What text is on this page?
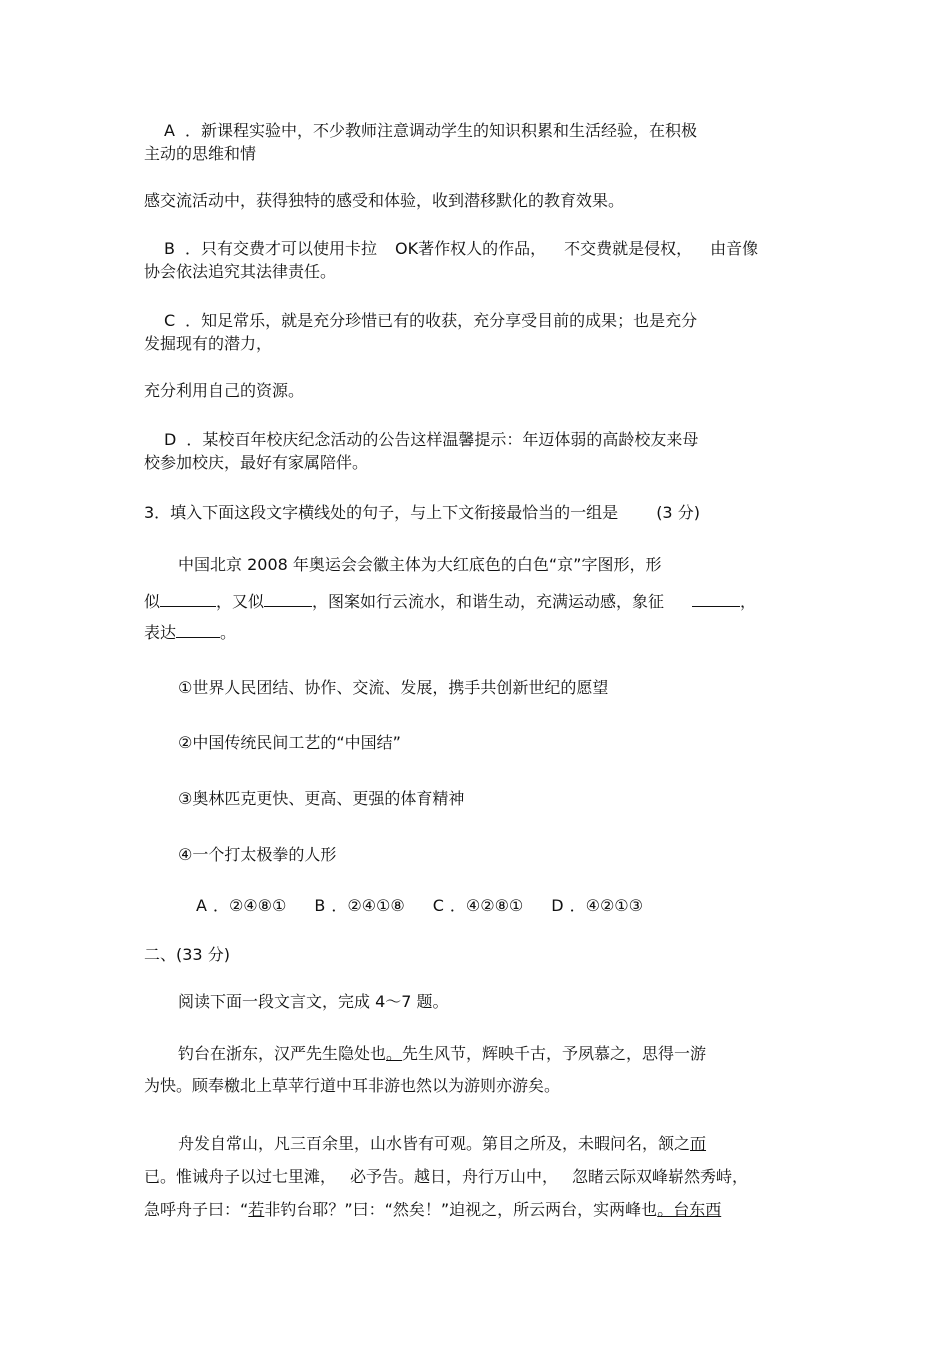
A ．新课程实验中，不少教师注意调动学生的知识积累和生活经验，在积极
主动的思维和情
感交流活动中，获得独特的感受和体验，收到潜移默化的教育效果。
B ．只有交费才可以使用卡拉 OK著作权人的作品， 不交费就是侵权， 由音像
协会依法追究其法律责任。
C ．知足常乐，就是充分珍惜已有的收获，充分享受目前的成果；也是充分
发掘现有的潜力，
充分利用自己的资源。
D ．某校百年校庆纪念活动的公告这样温馨提示：年迈体弱的高龄校友来母
校参加校庆，最好有家属陪伴。
3．填入下面这段文字横线处的句子，与上下文衔接最恰当的一组是 (3 分)
中国北京 2008 年奥运会会徽主体为大红底色的白色“京”字图形，形
似	，又似	，图案如行云流水，和谐生动，充满运动感，象征	，
表达	。
①世界人民团结、协作、交流、发展，携手共创新世纪的愿望
②中国传统民间工艺的“中国结”
③奥林匹克更快、更高、更强的体育精神
④一个打太极拳的人形
A ．②④⑧① B ．②④①⑧ C ．④②⑧① D ．④②①③
二、(33 分)
阅读下面一段文言文，完成 4～7 题。
钓台在浙东，汉严先生隐处也。先生风节，辉映千古，予夙慕之，思得一游
为快。顾奉檄北上草苹行道中耳非游也然以为游则亦游矣。
舟发自常山，凡三百余里，山水皆有可观。第目之所及，未暇问名，颔之而
已。惟诫舟子以过七里滩， 必予告。越日，舟行万山中， 忽睹云际双峰崭然秀峙，
急呼舟子曰：“若非钓台耶？”曰：“然矣！”迫视之，所云两台，实两峰也。台东西
